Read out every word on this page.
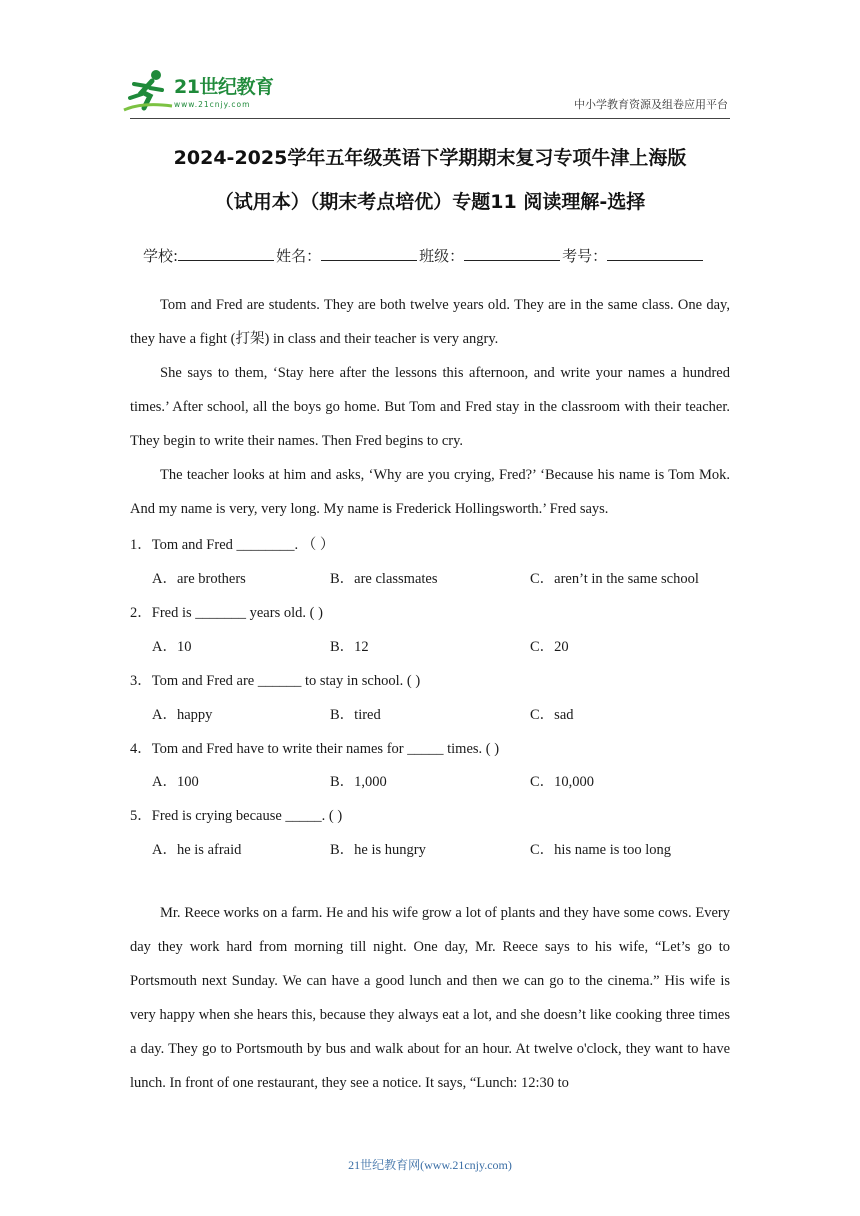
21世纪教育
www.21cnjy.com	中小学教育资源及组卷应用平台
2024-2025学年五年级英语下学期期末复习专项牛津上海版
（试用本）（期末考点培优）专题11 阅读理解-选择
学校:	姓名：	班级：	考号：

Tom and Fred are students. They are both twelve years old. They are in the same class. One day, they have a fight (打架) in class and their teacher is very angry.

She says to them, ‘Stay here after the lessons this afternoon, and write your names a hundred times.’ After school, all the boys go home. But Tom and Fred stay in the classroom with their teacher. They begin to write their names. Then Fred begins to cry.

The teacher looks at him and asks, ‘Why are you crying, Fred?’ ‘Because his name is Tom Mok. And my name is very, very long. My name is Frederick Hollingsworth.’ Fred says.

1．Tom and Fred ________. （ ）
A．are brothers	B．are classmates	C．aren’t in the same school
2．Fred is _______ years old. ( )
A．10	B．12	C．20
3．Tom and Fred are ______ to stay in school. ( )
A．happy	B．tired	C．sad
4．Tom and Fred have to write their names for _____ times. ( )
A．100	B．1,000	C．10,000
5．Fred is crying because _____. ( )
A．he is afraid	B．he is hungry	C．his name is too long

Mr. Reece works on a farm. He and his wife grow a lot of plants and they have some cows. Every day they work hard from morning till night. One day, Mr. Reece says to his wife, “Let’s go to Portsmouth next Sunday. We can have a good lunch and then we can go to the cinema.” His wife is very happy when she hears this, because they always eat a lot, and she doesn’t like cooking three times a day. They go to Portsmouth by bus and walk about for an hour. At twelve o'clock, they want to have lunch. In front of one restaurant, they see a notice. It says, “Lunch: 12:30 to

21世纪教育网(www.21cnjy.com)
